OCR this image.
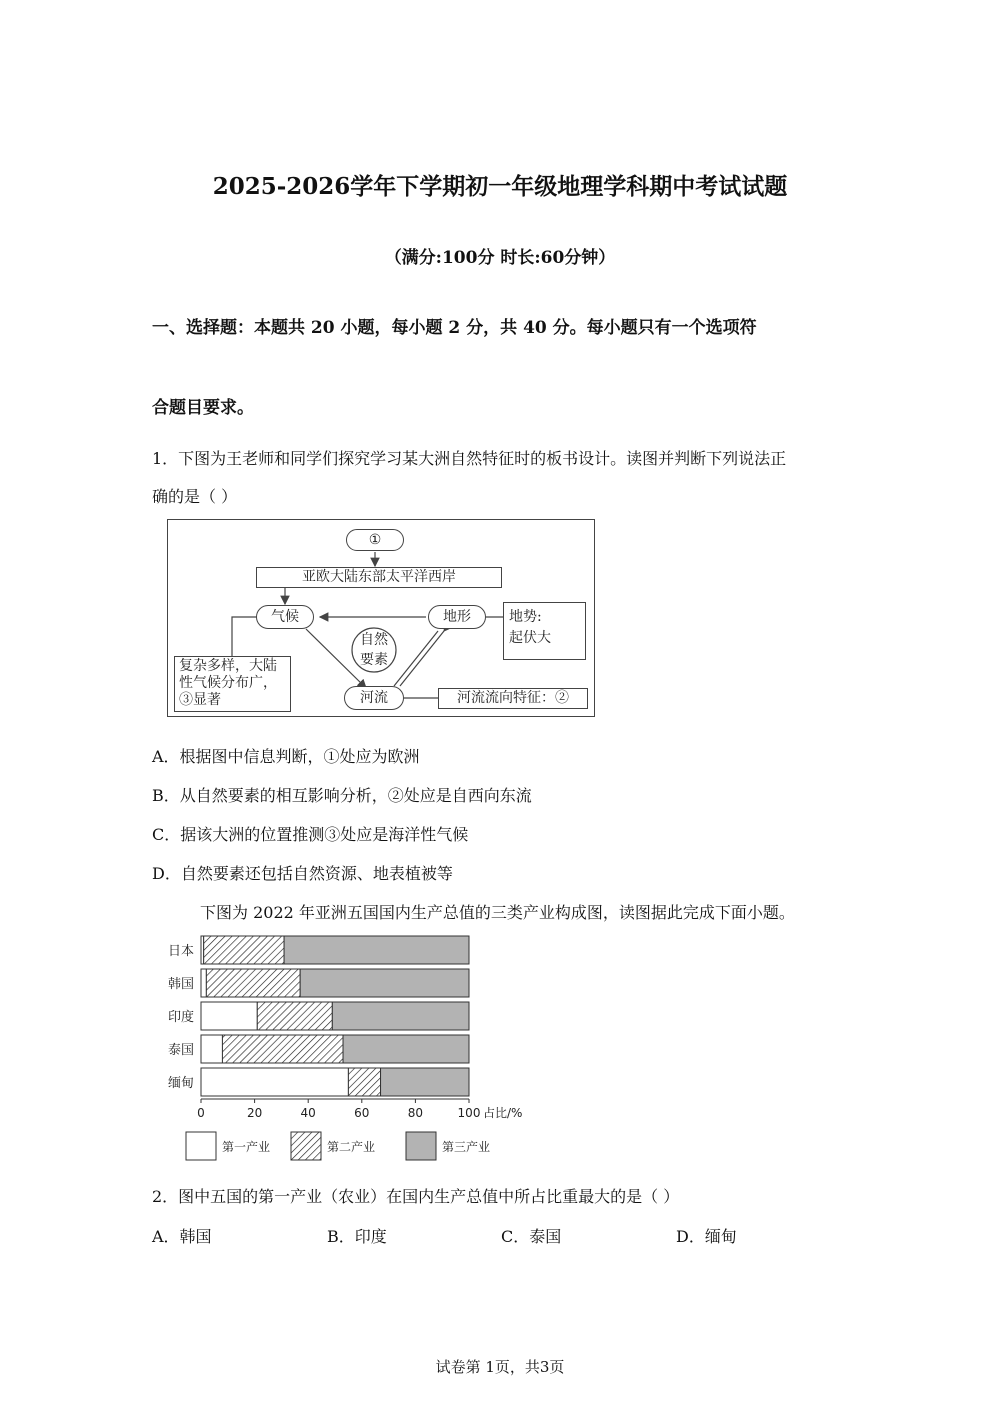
2025-2026学年下学期初一年级地理学科期中考试试题
（满分:100分 时长:60分钟）
一、选择题：本题共 20 小题，每小题 2 分，共 40 分。每小题只有一个选项符
合题目要求。
1．下图为王老师和同学们探究学习某大洲自然特征时的板书设计。读图并判断下列说法正
确的是（ ）
①
亚欧大陆东部太平洋西岸
气候	地形	地势:
起伏大
自然
要素
河流	河流流向特征：②
复杂多样，大陆
性气候分布广，
③显著
A．根据图中信息判断，①处应为欧洲
B．从自然要素的相互影响分析，②处应是自西向东流
C．据该大洲的位置推测③处应是海洋性气候
D．自然要素还包括自然资源、地表植被等
下图为 2022 年亚洲五国国内生产总值的三类产业构成图，读图据此完成下面小题。
日本
韩国
印度
泰国
缅甸
0	20	40	60	80	100 占比/%
第一产业	第二产业	第三产业
2．图中五国的第一产业（农业）在国内生产总值中所占比重最大的是（ ）
A．韩国	B．印度	C．泰国	D．缅甸
试卷第 1页，共3页
